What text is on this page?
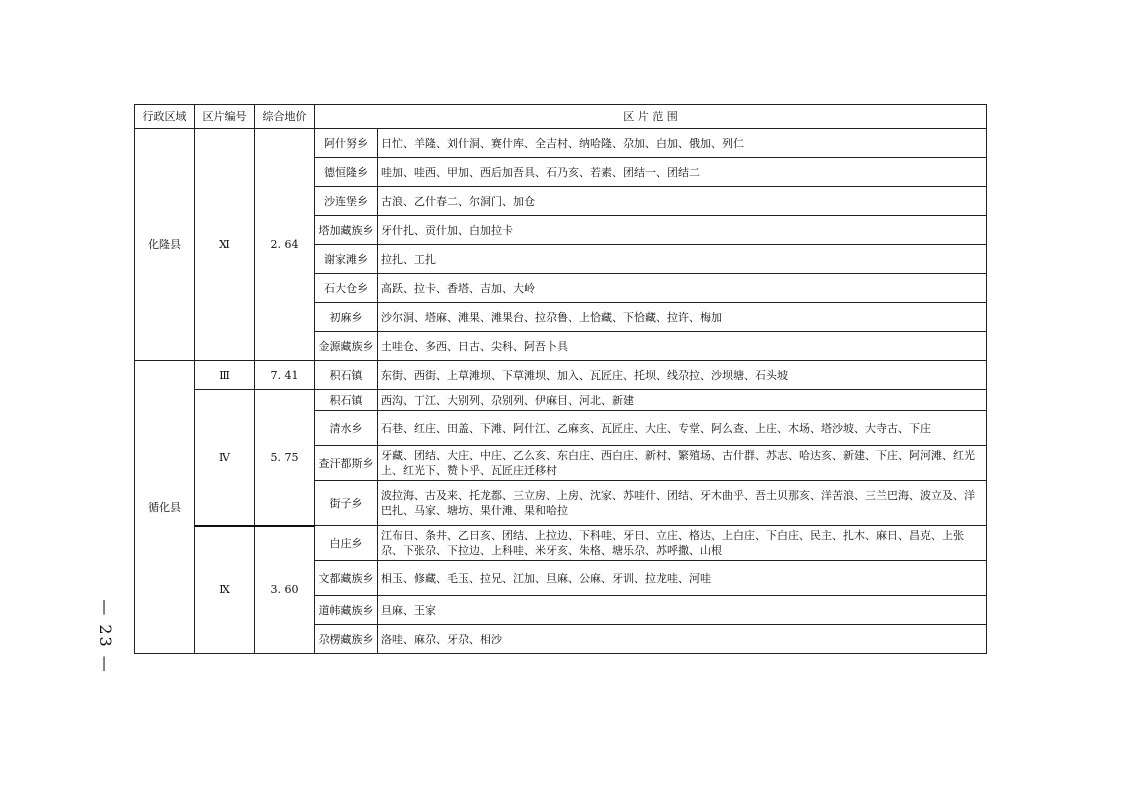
— 23 —
行政区域	区片编号	综合地价	区 片 范 围	
化隆县	Ⅺ	2. 64	阿什努乡	日忙、羊隆、刘什洞、赛什库、全吉村、纳哈隆、尕加、白加、俄加、列仁
			德恒隆乡	哇加、哇西、甲加、西后加吾具、石乃亥、若素、团结一、团结二
			沙连堡乡	古浪、乙什春二、尔洞门、加仓
			塔加藏族乡	牙什扎、贡什加、白加拉卡
			谢家滩乡	拉扎、工扎
			石大仓乡	高跃、拉卡、香塔、吉加、大岭
			初麻乡	沙尔洞、塔麻、滩果、滩果台、拉尕鲁、上恰藏、下恰藏、拉许、梅加
			金源藏族乡	土哇仓、多西、日古、尖科、阿吾卜具
循化县	Ⅲ	7. 41	积石镇	东街、西街、上草滩坝、下草滩坝、加入、瓦匠庄、托坝、线尕拉、沙坝塘、石头坡
	Ⅳ	5. 75	积石镇	西沟、丁江、大别列、尕别列、伊麻目、河北、新建
			清水乡	石巷、红庄、田盖、下滩、阿什江、乙麻亥、瓦匠庄、大庄、专堂、阿么查、上庄、木场、塔沙坡、大寺古、下庄
			查汗都斯乡	牙藏、团结、大庄、中庄、乙么亥、东白庄、西白庄、新村、繁殖场、古什群、苏志、哈达亥、新建、下庄、阿河滩、红光上、红光下、赞卜乎、瓦匠庄迁移村
			街子乡	波拉海、古及来、托龙都、三立房、上房、沈家、苏哇什、团结、牙木曲乎、吾土贝那亥、洋苦浪、三兰巴海、波立及、洋巴扎、马家、塘坊、果什滩、果和哈拉
	Ⅸ	3. 60	白庄乡	江布日、条井、乙日亥、团结、上拉边、下科哇、牙日、立庄、格达、上白庄、下白庄、民主、扎木、麻日、昌克、上张尕、下张尕、下拉边、上科哇、米牙亥、朱格、塘乐尕、苏呼撒、山根
			文都藏族乡	相玉、修藏、毛玉、拉兄、江加、旦麻、公麻、牙训、拉龙哇、河哇
			道帏藏族乡	旦麻、王家
			尕楞藏族乡	洛哇、麻尕、牙尕、相沙
